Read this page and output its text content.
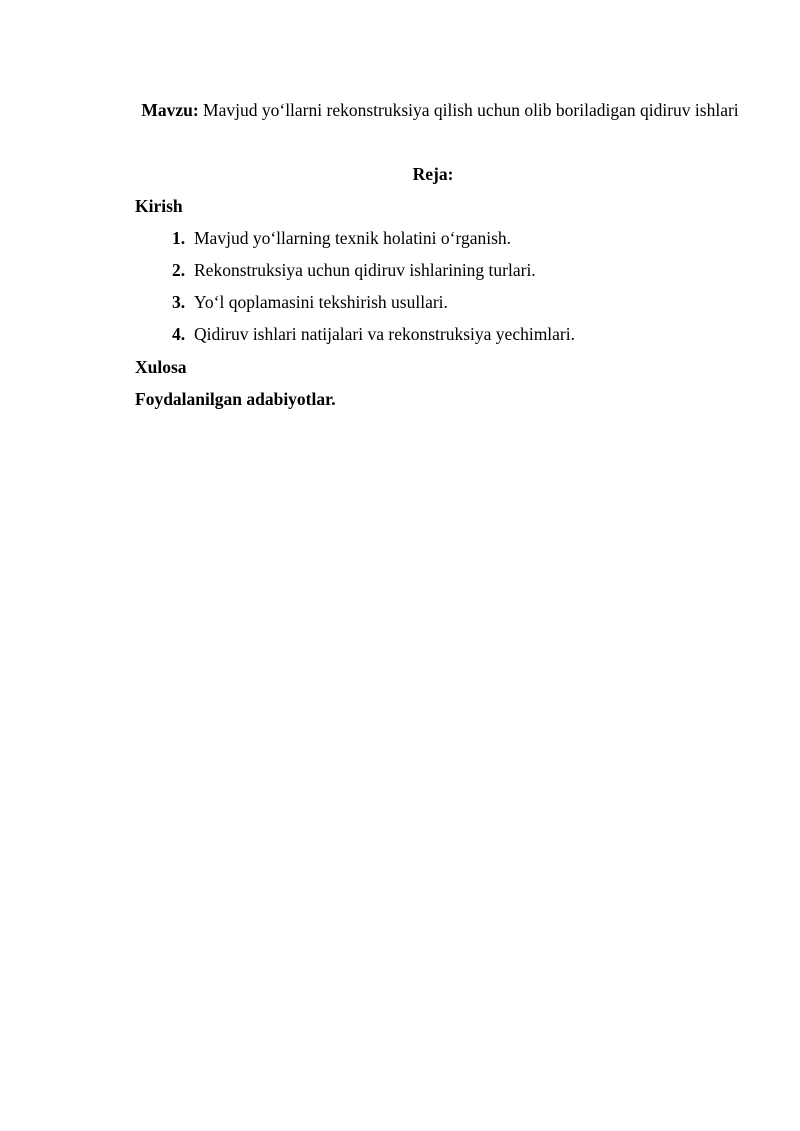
Mavzu: Mavjud yo‘llarni rekonstruksiya qilish uchun olib boriladigan qidiruv ishlari
Reja:
Kirish
1. Mavjud yo‘llarning texnik holatini o‘rganish.
2. Rekonstruksiya uchun qidiruv ishlarining turlari.
3. Yo‘l qoplamasini tekshirish usullari.
4. Qidiruv ishlari natijalari va rekonstruksiya yechimlari.
Xulosa
Foydalanilgan adabiyotlar.
